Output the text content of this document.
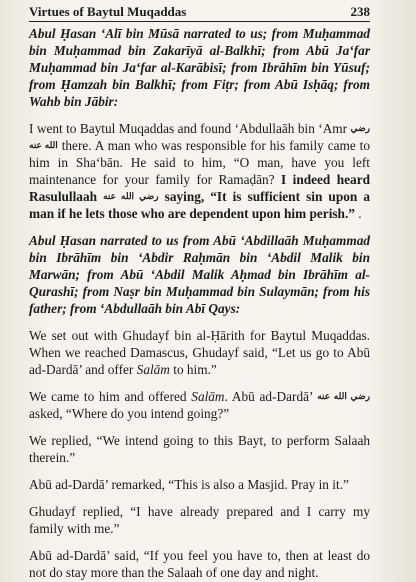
Virtues of Baytul Muqaddas	238

Abul Ḥasan ‘Alī bin Mūsā narrated to us; from Muḥammad bin Muḥammad bin Zakarīyā al-Balkhī; from Abū Ja‘far Muḥammad bin Ja‘far al-Karābisī; from Ibrāhīm bin Yūsuf; from Ḥamzah bin Balkhī; from Fiṭr; from Abū Isḥāq; from Wahb bin Jābir:

I went to Baytul Muqaddas and found ‘Abdullaāh bin ‘Amr رضي الله عنه there. A man who was responsible for his family came to him in Sha‘bān. He said to him, “O man, have you left maintenance for your family for Ramaḍān? I indeed heard Rasulullaah رضي الله عنه saying, “It is sufficient sin upon a man if he lets those who are dependent upon him perish.” .

Abul Ḥasan narrated to us from Abū ‘Abdillaāh Muḥammad bin Ibrāhīm bin ‘Abdir Raḥmān bin ‘Abdil Malik bin Marwān; from Abū ‘Abdil Malik Aḥmad bin Ibrāhīm al-Qurashī; from Naṣr bin Muḥammad bin Sulaymān; from his father; from ‘Abdullaāh bin Abī Qays:

We set out with Ghudayf bin al-Ḥārith for Baytul Muqaddas. When we reached Damascus, Ghudayf said, “Let us go to Abū ad-Dardā’ and offer Salām to him.”

We came to him and offered Salām. Abū ad-Dardā’ رضي الله عنه asked, “Where do you intend going?”

We replied, “We intend going to this Bayt, to perform Salaah therein.”

Abū ad-Dardā’ remarked, “This is also a Masjid. Pray in it.”

Ghudayf replied, “I have already prepared and I carry my family with me.”

Abū ad-Dardā’ said, “If you feel you have to, then at least do not do stay more than the Salaah of one day and night.
